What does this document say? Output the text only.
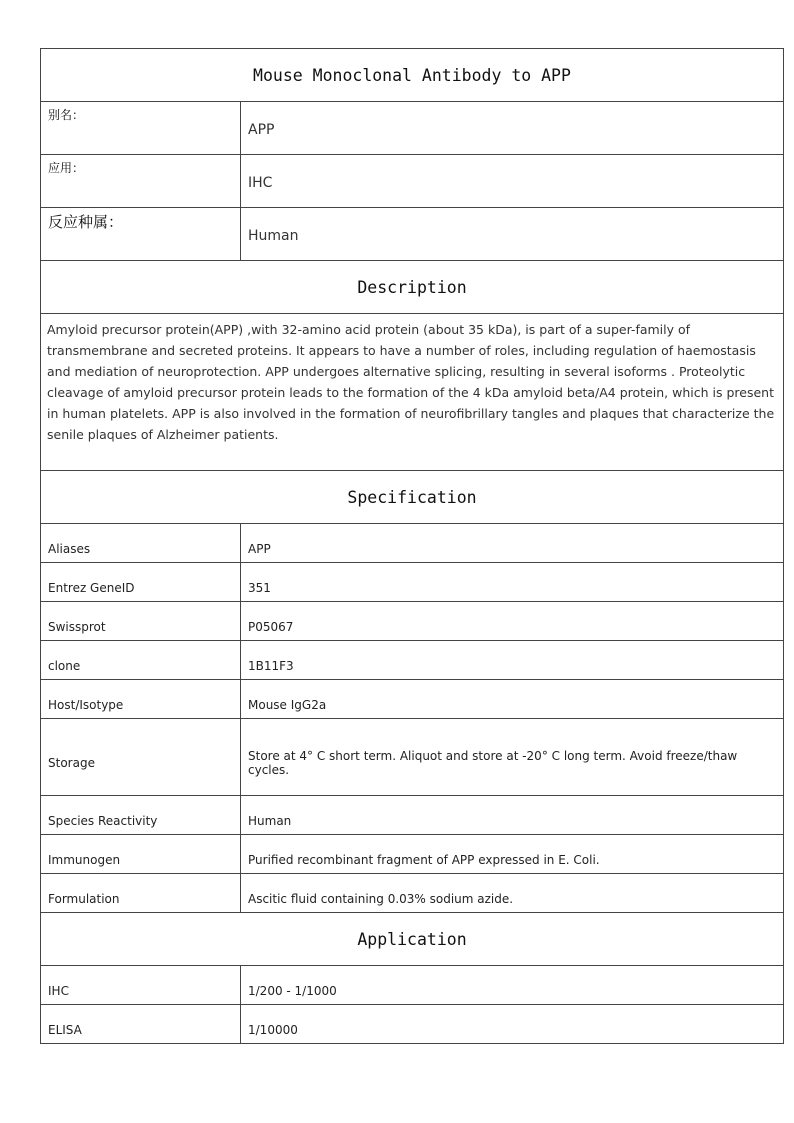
Mouse Monoclonal Antibody to APP	
别名：	APP
应用：	IHC
反应种属：	Human
Description	
Amyloid precursor protein(APP) ,with 32-amino acid protein (about 35 kDa), is part of a super-family of transmembrane and secreted proteins. It appears to have a number of roles, including regulation of haemostasis and mediation of neuroprotection. APP undergoes alternative splicing, resulting in several isoforms . Proteolytic cleavage of amyloid precursor protein leads to the formation of the 4 kDa amyloid beta/A4 protein, which is present in human platelets. APP is also involved in the formation of neurofibrillary tangles and plaques that characterize the senile plaques of Alzheimer patients.	
Specification	
Aliases	APP
Entrez GeneID	351
Swissprot	P05067
clone	1B11F3
Host/Isotype	Mouse IgG2a
Storage	Store at 4° C short term. Aliquot and store at -20° C long term. Avoid freeze/thaw cycles.
Species Reactivity	Human
Immunogen	Purified recombinant fragment of APP expressed in E. Coli.
Formulation	Ascitic fluid containing 0.03% sodium azide.
Application	
IHC	1/200 - 1/1000
ELISA	1/10000
